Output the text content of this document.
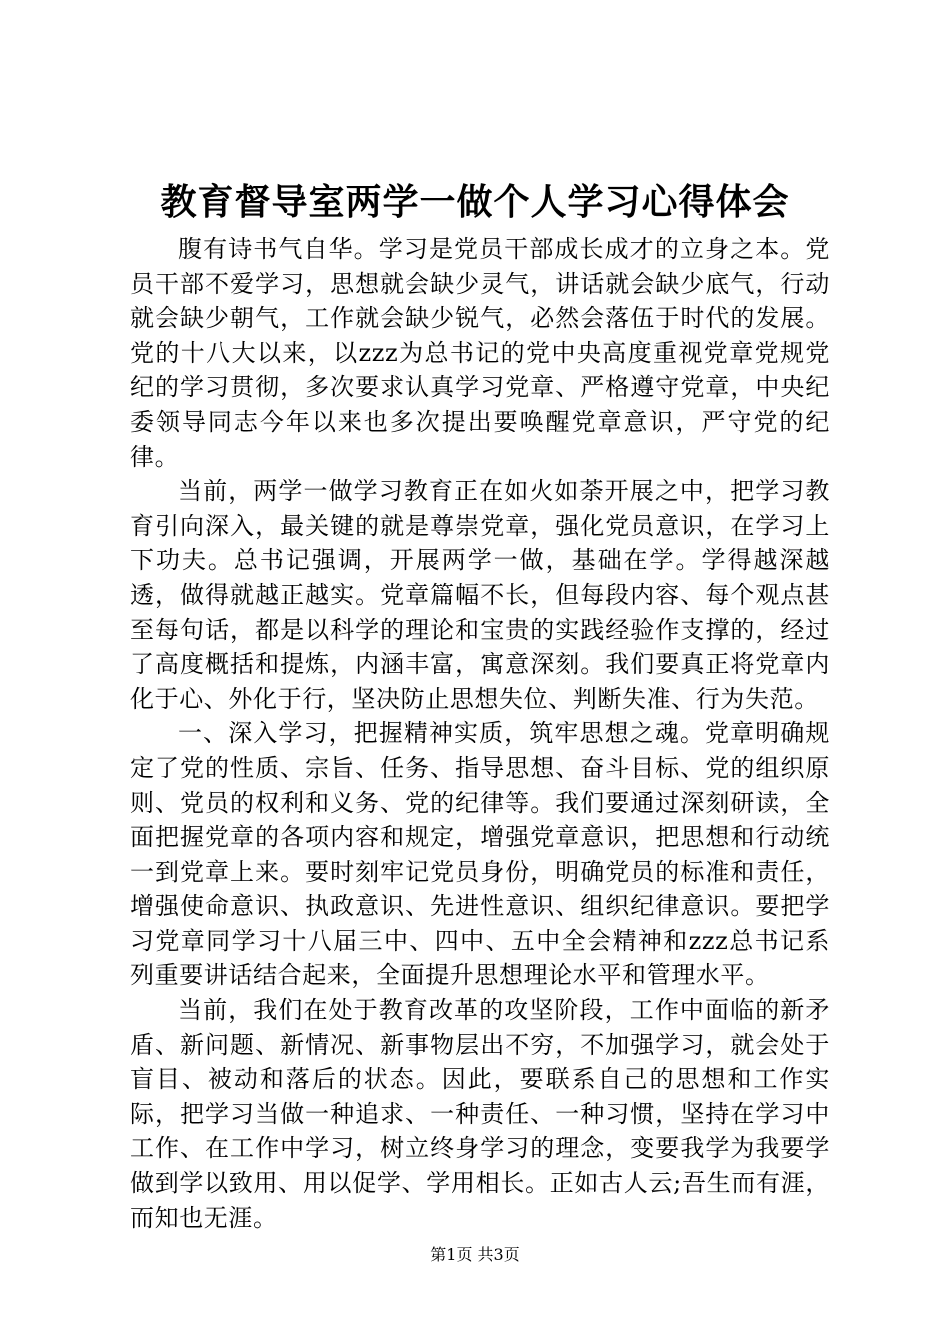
教育督导室两学一做个人学习心得体会

腹有诗书气自华。学习是党员干部成长成才的立身之本。党员干部不爱学习，思想就会缺少灵气，讲话就会缺少底气，行动就会缺少朝气，工作就会缺少锐气，必然会落伍于时代的发展。党的十八大以来，以zzz为总书记的党中央高度重视党章党规党纪的学习贯彻，多次要求认真学习党章、严格遵守党章，中央纪委领导同志今年以来也多次提出要唤醒党章意识，严守党的纪律。

当前，两学一做学习教育正在如火如荼开展之中，把学习教育引向深入，最关键的就是尊崇党章，强化党员意识，在学习上下功夫。总书记强调，开展两学一做，基础在学。学得越深越透，做得就越正越实。党章篇幅不长，但每段内容、每个观点甚至每句话，都是以科学的理论和宝贵的实践经验作支撑的，经过了高度概括和提炼，内涵丰富，寓意深刻。我们要真正将党章内化于心、外化于行，坚决防止思想失位、判断失准、行为失范。

一、深入学习，把握精神实质，筑牢思想之魂。党章明确规定了党的性质、宗旨、任务、指导思想、奋斗目标、党的组织原则、党员的权利和义务、党的纪律等。我们要通过深刻研读，全面把握党章的各项内容和规定，增强党章意识，把思想和行动统一到党章上来。要时刻牢记党员身份，明确党员的标准和责任，增强使命意识、执政意识、先进性意识、组织纪律意识。要把学习党章同学习十八届三中、四中、五中全会精神和zzz总书记系列重要讲话结合起来，全面提升思想理论水平和管理水平。

当前，我们在处于教育改革的攻坚阶段，工作中面临的新矛盾、新问题、新情况、新事物层出不穷，不加强学习，就会处于盲目、被动和落后的状态。因此，要联系自己的思想和工作实际，把学习当做一种追求、一种责任、一种习惯，坚持在学习中工作、在工作中学习，树立终身学习的理念，变要我学为我要学做到学以致用、用以促学、学用相长。正如古人云;吾生而有涯，而知也无涯。

第1页 共3页
